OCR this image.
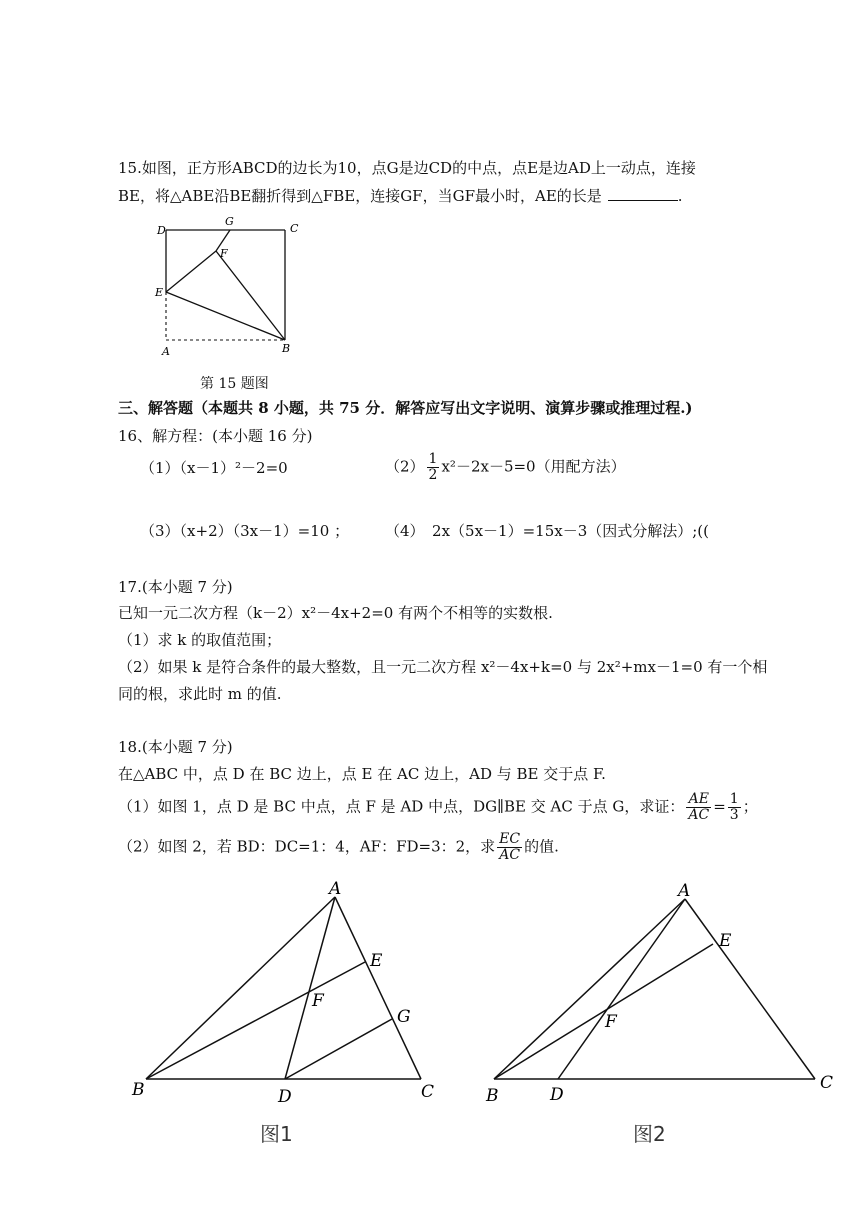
15.如图，正方形ABCD的边长为10，点G是边CD的中点，点E是边AD上一动点，连接
BE，将△ABE沿BE翻折得到△FBE，连接GF，当GF最小时，AE的长是	.
D	C
G
F
E
A	B
第 15 题图
三、解答题（本题共 8 小题，共 75 分．解答应写出文字说明、演算步骤或推理过程.)
16、解方程：(本小题 16 分)
（1）（x－1）²－2=0	$(2) \frac{1}{2} x^2-2x-5=0$（用配方法）
（3）（x+2）（3x－1）=10 ； （4）　2x（5x－1）=15x－3（因式分解法）;((
17.(本小题 7 分)
已知一元二次方程（k－2）x²－4x+2=0 有两个不相等的实数根.
（1）求 k 的取值范围；
（2）如果 k 是符合条件的最大整数，且一元二次方程 x²－4x+k=0 与 2x²+mx－1=0 有一个相
同的根，求此时 m 的值.
18.(本小题 7 分)
在△ABC 中，点 D 在 BC 边上，点 E 在 AC 边上，AD 与 BE 交于点 F.
（1）如图 1，点 D 是 BC 中点，点 F 是 AD 中点，DG∥BE 交 AC 于点 G，求证： $\frac{AE}{AC} = \frac{1}{3}$ ；
（2）如图 2，若 BD：DC=1：4，AF：FD=3：2，求 $\frac{EC}{AC}$ 的值.
A
B	D	C
E
F
G
图1
A
B	D
C
E
F
图2
